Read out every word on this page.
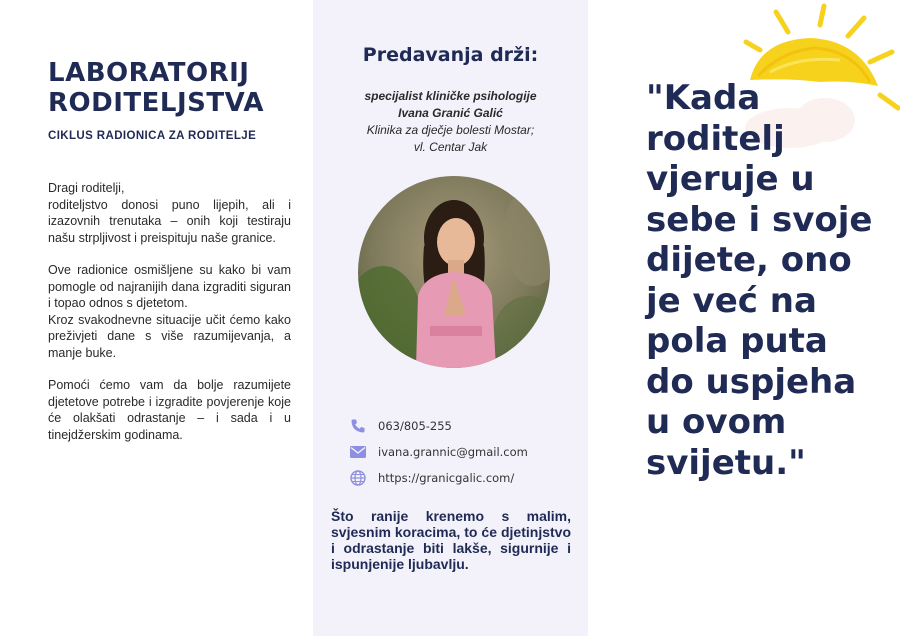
LABORATORIJ
RODITELJSTVA
CIKLUS RADIONICA ZA RODITELJE

Dragi roditelji,

roditeljstvo donosi puno lijepih, ali i izazovnih trenutaka – onih koji testiraju našu strpljivost i preispituju naše granice.

Ove radionice osmišljene su kako bi vam pomogle od najranijih dana izgraditi siguran i topao odnos s djetetom.

Kroz svakodnevne situacije učit ćemo kako preživjeti dane s više razumijevanja, a manje buke.

Pomoći ćemo vam da bolje razumijete djetetove potrebe i izgradite povjerenje koje će olakšati odrastanje – i sada i u tinejdžerskim godinama.

Predavanja drži:
specijalist kliničke psihologije
Ivana Granić Galić
Klinika za dječje bolesti Mostar;
vl. Centar Jak
063/805-255
ivana.grannic@gmail.com
https://granicgalic.com/
Što ranije krenemo s malim, svjesnim koracima, to će djetinjstvo i odrastanje biti lakše, sigurnije i ispunjenije ljubavlju.

"Kada roditelj vjeruje u sebe i svoje dijete, ono je već na pola puta do uspjeha u ovom svijetu."
